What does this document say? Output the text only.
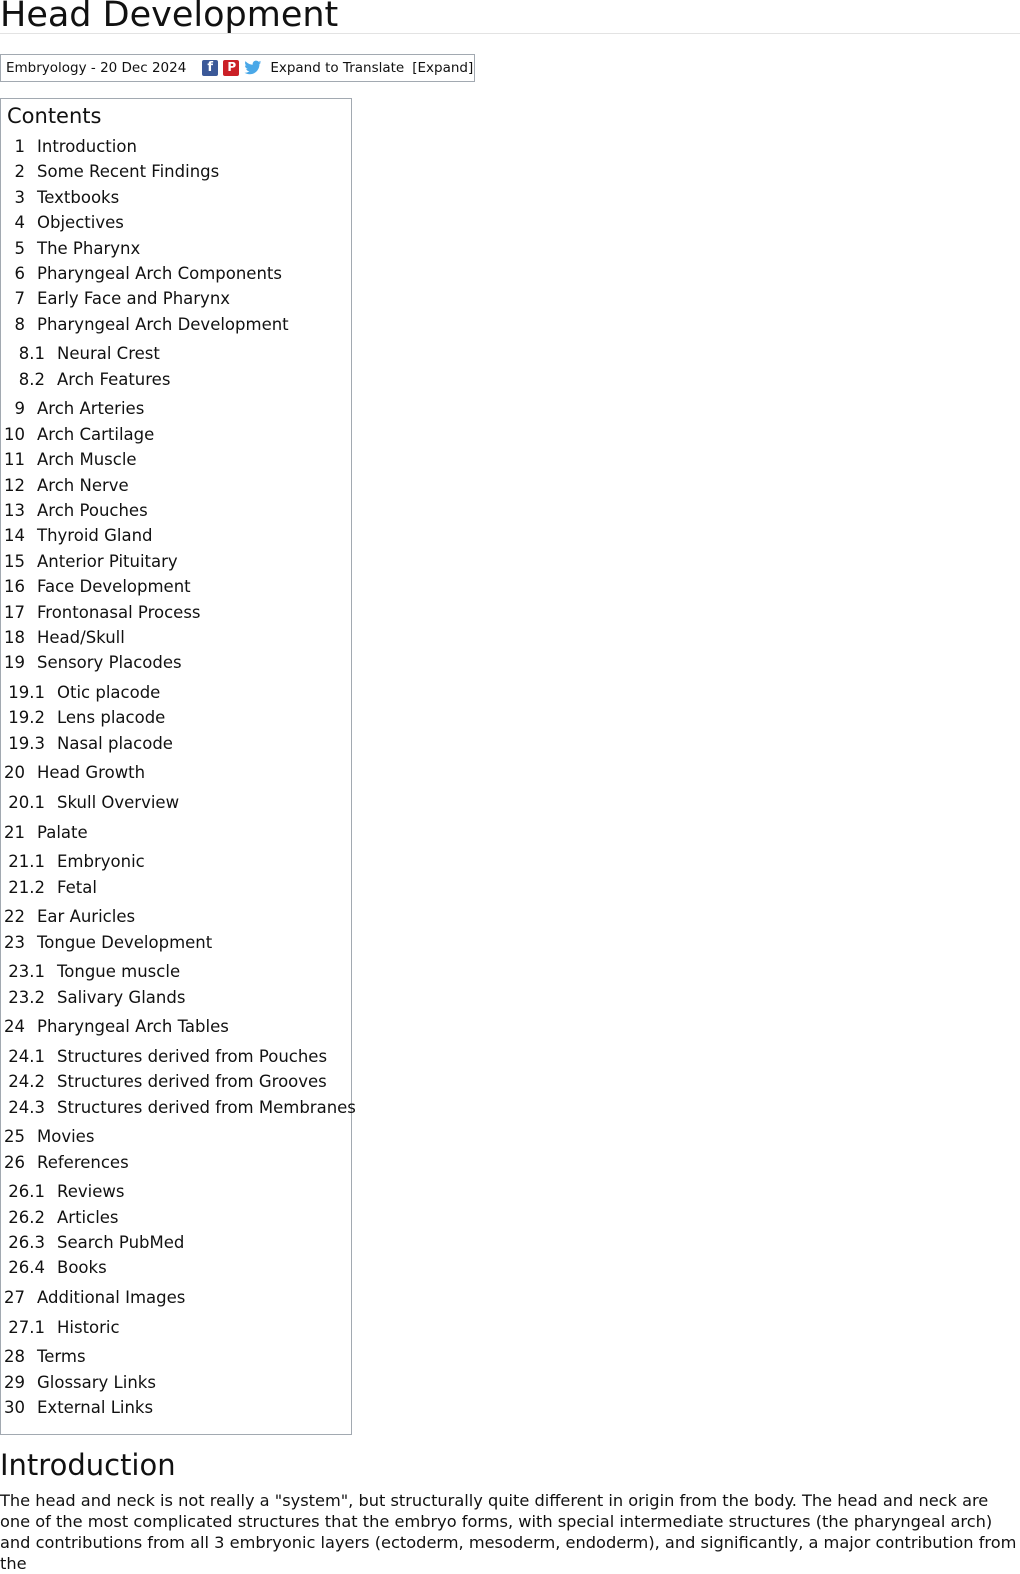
Head Development
Embryology - 20 Dec 2024 f P	Expand to Translate [Expand]
Contents
1 Introduction
2 Some Recent Findings
3 Textbooks
4 Objectives
5 The Pharynx
6 Pharyngeal Arch Components
7 Early Face and Pharynx
8 Pharyngeal Arch Development
8.1 Neural Crest
8.2 Arch Features
9 Arch Arteries
10 Arch Cartilage
11 Arch Muscle
12 Arch Nerve
13 Arch Pouches
14 Thyroid Gland
15 Anterior Pituitary
16 Face Development
17 Frontonasal Process
18 Head/Skull
19 Sensory Placodes
19.1 Otic placode
19.2 Lens placode
19.3 Nasal placode
20 Head Growth
20.1 Skull Overview
21 Palate
21.1 Embryonic
21.2 Fetal
22 Ear Auricles
23 Tongue Development
23.1 Tongue muscle
23.2 Salivary Glands
24 Pharyngeal Arch Tables
24.1 Structures derived from Pouches
24.2 Structures derived from Grooves
24.3 Structures derived from Membranes
25 Movies
26 References
26.1 Reviews
26.2 Articles
26.3 Search PubMed
26.4 Books
27 Additional Images
27.1 Historic
28 Terms
29 Glossary Links
30 External Links
Introduction

The head and neck is not really a "system", but structurally quite different in origin from the body. The head and neck are one of the most complicated structures that the embryo forms, with special intermediate structures (the pharyngeal arch) and contributions from all 3 embryonic layers (ectoderm, mesoderm, endoderm), and significantly, a major contribution from the
